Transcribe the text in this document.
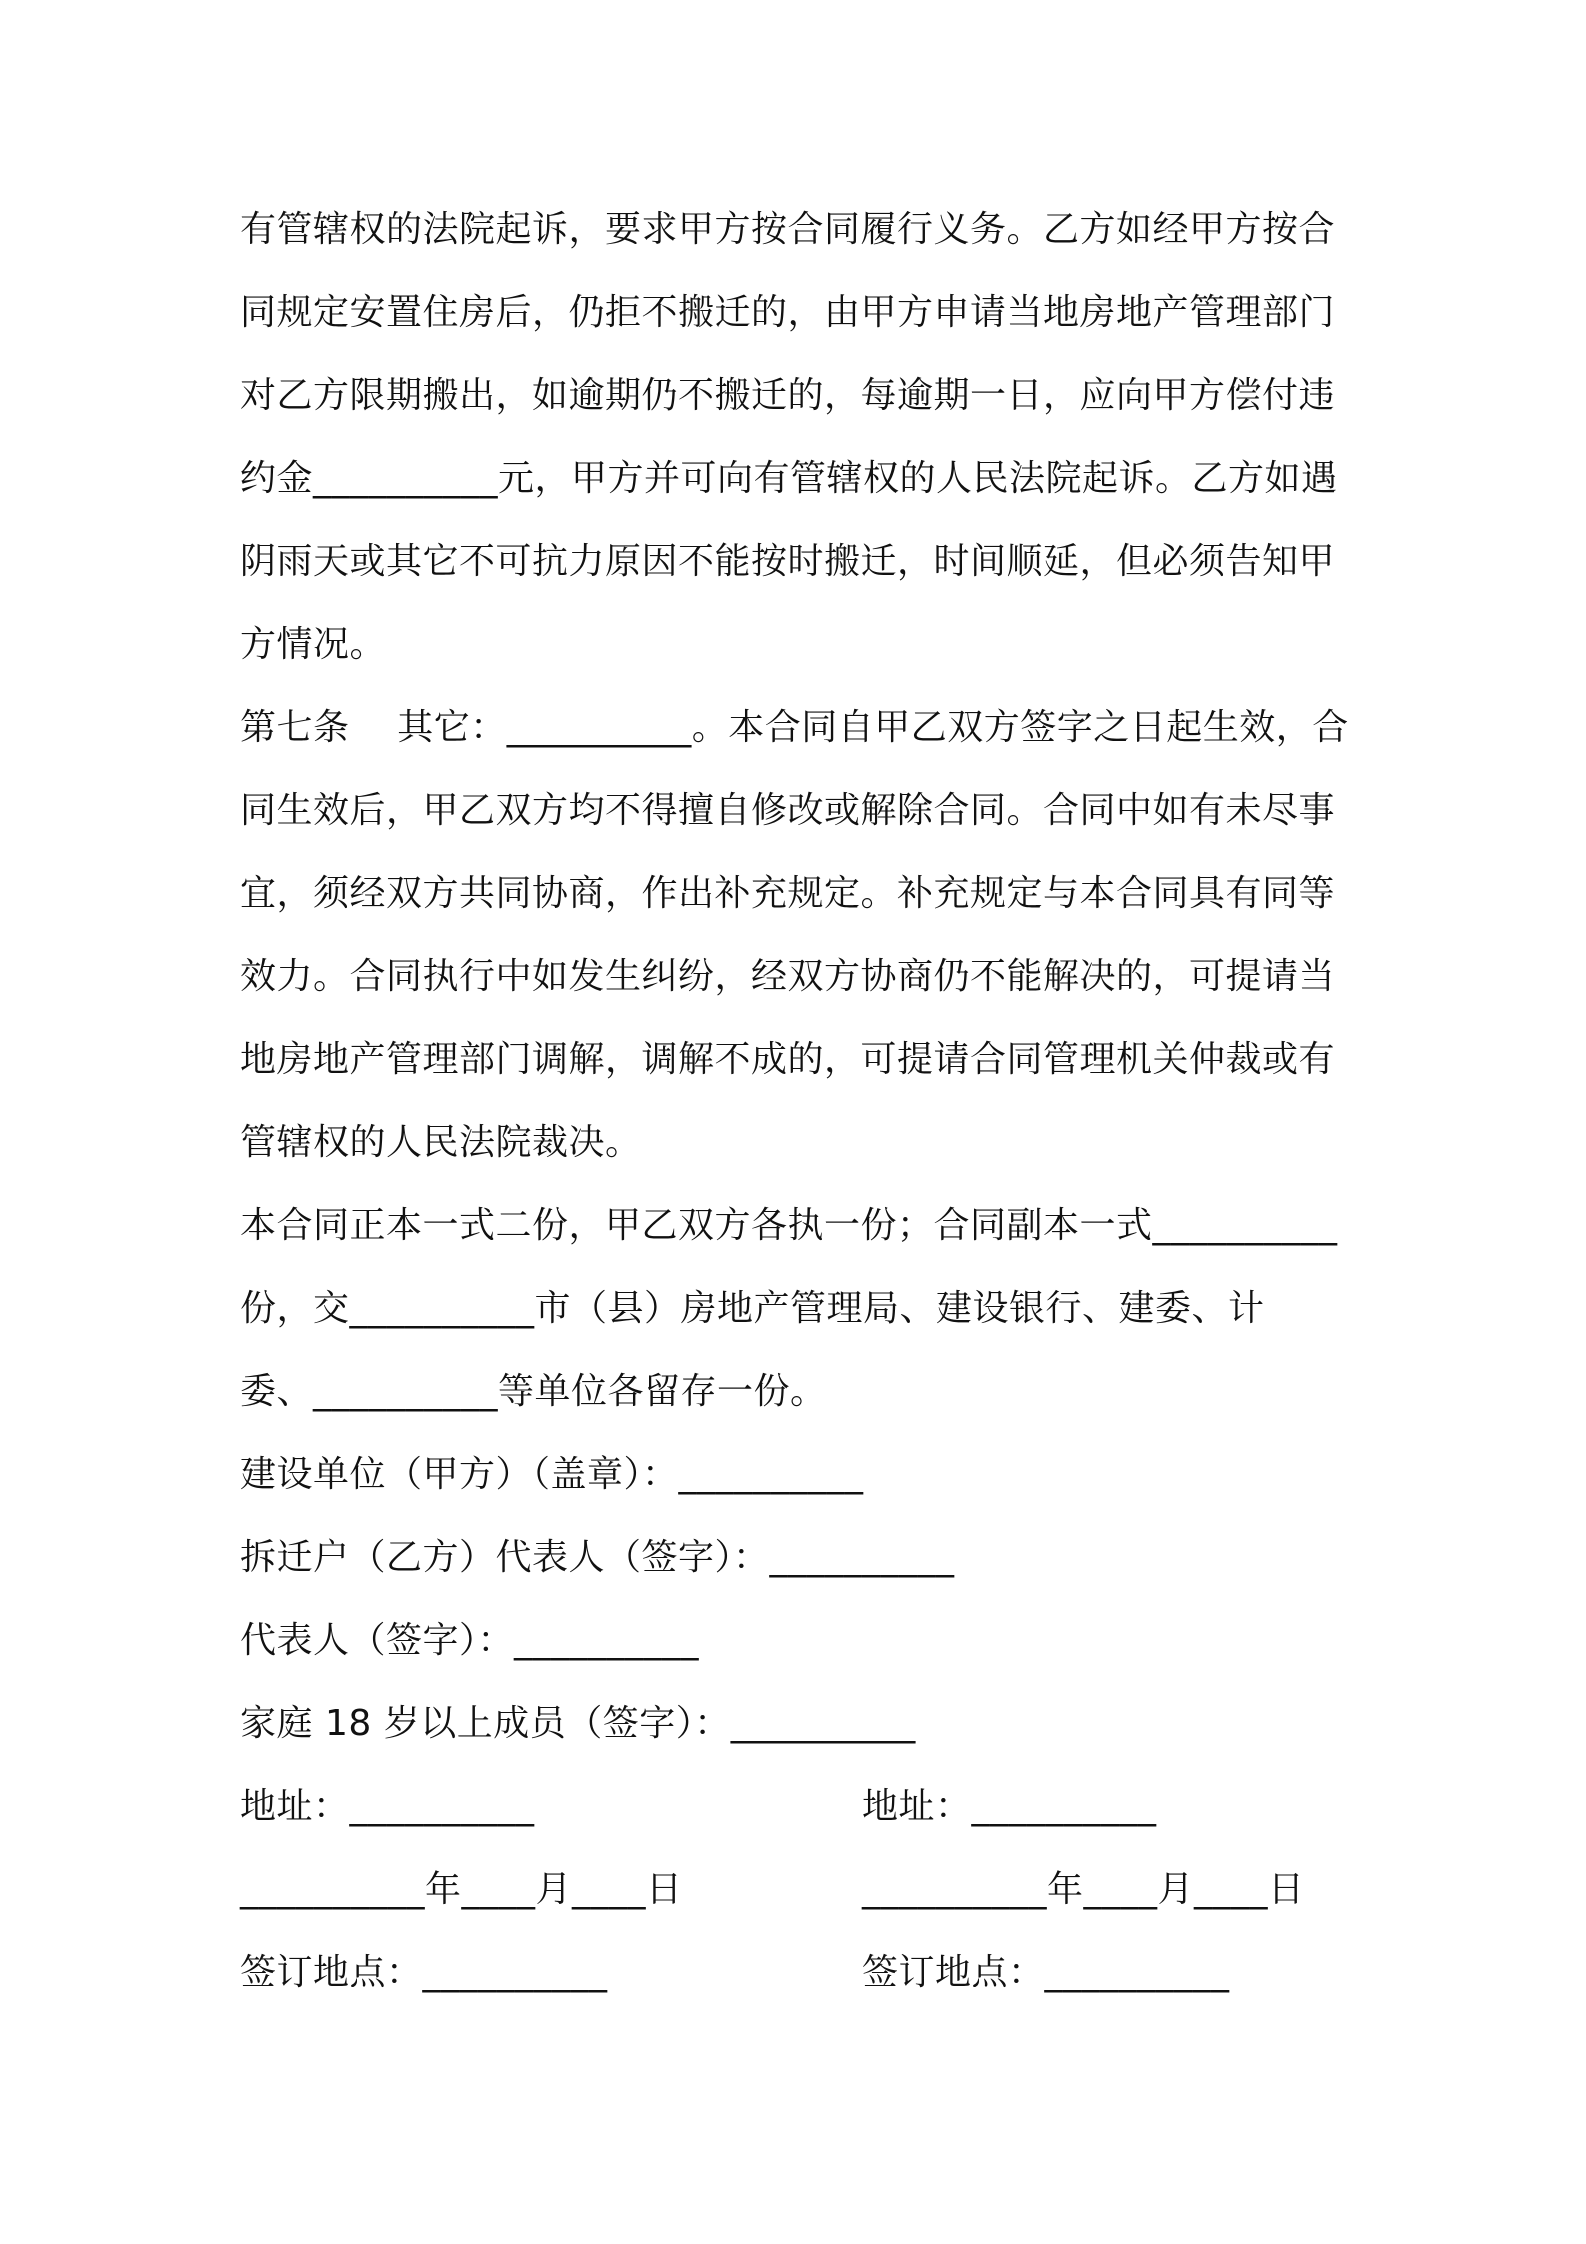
有管辖权的法院起诉，要求甲方按合同履行义务。乙方如经甲方按合
同规定安置住房后，仍拒不搬迁的，由甲方申请当地房地产管理部门
对乙方限期搬出，如逾期仍不搬迁的，每逾期一日，应向甲方偿付违
约金__________元，甲方并可向有管辖权的人民法院起诉。乙方如遇
阴雨天或其它不可抗力原因不能按时搬迁，时间顺延，但必须告知甲
方情况。
第七条    其它：__________。本合同自甲乙双方签字之日起生效，合
同生效后，甲乙双方均不得擅自修改或解除合同。合同中如有未尽事
宜，须经双方共同协商，作出补充规定。补充规定与本合同具有同等
效力。合同执行中如发生纠纷，经双方协商仍不能解决的，可提请当
地房地产管理部门调解，调解不成的，可提请合同管理机关仲裁或有
管辖权的人民法院裁决。
本合同正本一式二份，甲乙双方各执一份；合同副本一式__________
份，交__________市（县）房地产管理局、建设银行、建委、计
委、__________等单位各留存一份。
建设单位（甲方）（盖章）：__________
拆迁户（乙方）代表人（签字）：__________
代表人（签字）：__________
家庭 18 岁以上成员（签字）：__________
地址：__________	地址：__________
__________年____月____日	__________年____月____日
签订地点：__________	签订地点：__________
